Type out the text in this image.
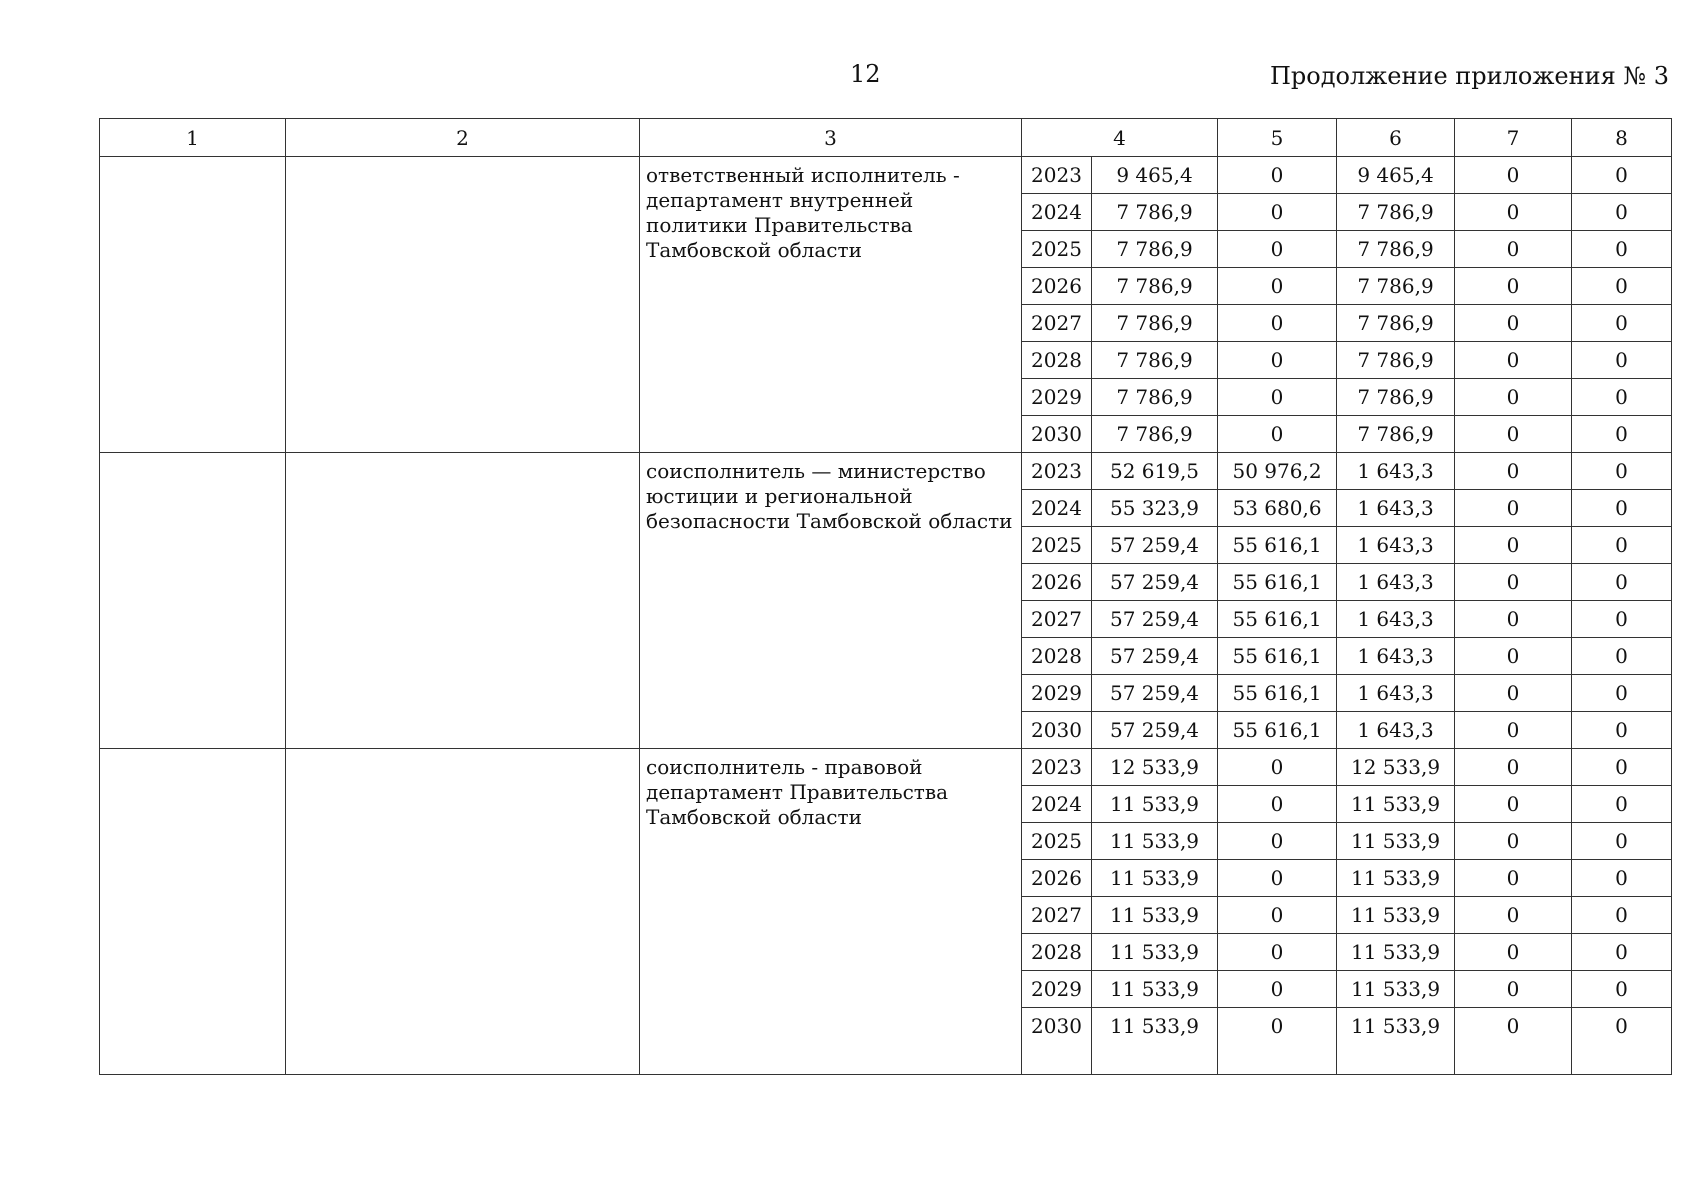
12	Продолжение приложения № 3
1	2	3	4		5	6	7	8
		ответственный исполнитель - департамент внутренней политики Правительства Тамбовской области	2023	9 465,4	0	9 465,4	0	0
			2024	7 786,9	0	7 786,9	0	0
			2025	7 786,9	0	7 786,9	0	0
			2026	7 786,9	0	7 786,9	0	0
			2027	7 786,9	0	7 786,9	0	0
			2028	7 786,9	0	7 786,9	0	0
			2029	7 786,9	0	7 786,9	0	0
			2030	7 786,9	0	7 786,9	0	0
		соисполнитель — министерство юстиции и региональной безопасности Тамбовской области	2023	52 619,5	50 976,2	1 643,3	0	0
			2024	55 323,9	53 680,6	1 643,3	0	0
			2025	57 259,4	55 616,1	1 643,3	0	0
			2026	57 259,4	55 616,1	1 643,3	0	0
			2027	57 259,4	55 616,1	1 643,3	0	0
			2028	57 259,4	55 616,1	1 643,3	0	0
			2029	57 259,4	55 616,1	1 643,3	0	0
			2030	57 259,4	55 616,1	1 643,3	0	0
		соисполнитель - правовой департамент Правительства Тамбовской области	2023	12 533,9	0	12 533,9	0	0
			2024	11 533,9	0	11 533,9	0	0
			2025	11 533,9	0	11 533,9	0	0
			2026	11 533,9	0	11 533,9	0	0
			2027	11 533,9	0	11 533,9	0	0
			2028	11 533,9	0	11 533,9	0	0
			2029	11 533,9	0	11 533,9	0	0
			2030	11 533,9	0	11 533,9	0	0
